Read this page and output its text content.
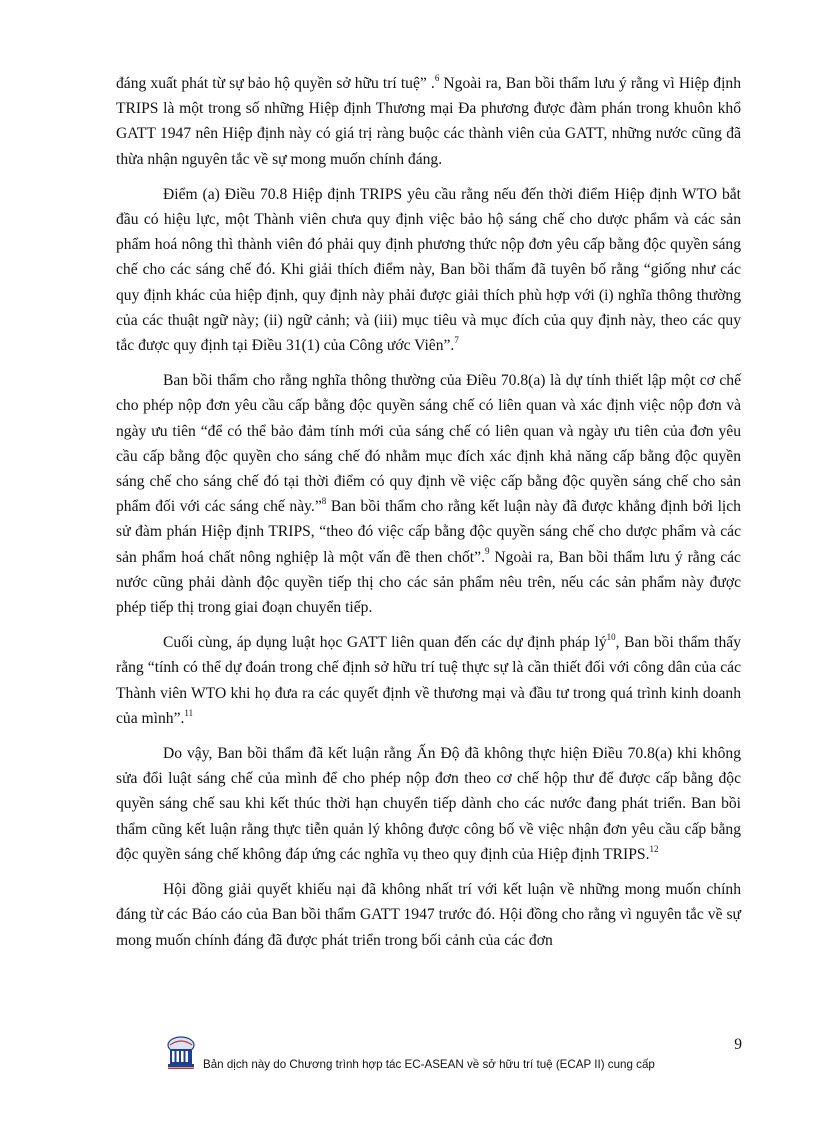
đáng xuất phát từ sự bảo hộ quyền sở hữu trí tuệ” .$^6$ Ngoài ra, Ban bồi thẩm lưu ý rằng vì Hiệp định TRIPS là một trong số những Hiệp định Thương mại Đa phương được đàm phán trong khuôn khổ GATT 1947 nên Hiệp định này có giá trị ràng buộc các thành viên của GATT, những nước cũng đã thừa nhận nguyên tắc về sự mong muốn chính đáng.

Điểm (a) Điều 70.8 Hiệp định TRIPS yêu cầu rằng nếu đến thời điểm Hiệp định WTO bắt đầu có hiệu lực, một Thành viên chưa quy định việc bảo hộ sáng chế cho dược phẩm và các sản phẩm hoá nông thì thành viên đó phải quy định phương thức nộp đơn yêu cấp bằng độc quyền sáng chế cho các sáng chế đó. Khi giải thích điểm này, Ban bồi thẩm đã tuyên bố rằng “giống như các quy định khác của hiệp định, quy định này phải được giải thích phù hợp với (i) nghĩa thông thường của các thuật ngữ này; (ii) ngữ cảnh; và (iii) mục tiêu và mục đích của quy định này, theo các quy tắc được quy định tại Điều 31(1) của Công ước Viên”.$^7$

Ban bồi thẩm cho rằng nghĩa thông thường của Điều 70.8(a) là dự tính thiết lập một cơ chế cho phép nộp đơn yêu cầu cấp bằng độc quyền sáng chế có liên quan và xác định việc nộp đơn và ngày ưu tiên “để có thể bảo đảm tính mới của sáng chế có liên quan và ngày ưu tiên của đơn yêu cầu cấp bằng độc quyền cho sáng chế đó nhằm mục đích xác định khả năng cấp bằng độc quyền sáng chế cho sáng chế đó tại thời điểm có quy định về việc cấp bằng độc quyền sáng chế cho sản phẩm đối với các sáng chế này.”$^8$ Ban bồi thẩm cho rằng kết luận này đã được khẳng định bởi lịch sử đàm phán Hiệp định TRIPS, “theo đó việc cấp bằng độc quyền sáng chế cho dược phẩm và các sản phẩm hoá chất nông nghiệp là một vấn đề then chốt”.$^9$ Ngoài ra, Ban bồi thẩm lưu ý rằng các nước cũng phải dành độc quyền tiếp thị cho các sản phẩm nêu trên, nếu các sản phẩm này được phép tiếp thị trong giai đoạn chuyển tiếp.

Cuối cùng, áp dụng luật học GATT liên quan đến các dự định pháp $lý^{10}$, Ban bồi thẩm thấy rằng “tính có thể dự đoán trong chế định sở hữu trí tuệ thực sự là cần thiết đối với công dân của các Thành viên WTO khi họ đưa ra các quyết định về thương mại và đầu tư trong quá trình kinh doanh của mình”.$^{11}$

Do vậy, Ban bồi thẩm đã kết luận rằng Ấn Độ đã không thực hiện Điều 70.8(a) khi không sửa đổi luật sáng chế của mình để cho phép nộp đơn theo cơ chế hộp thư để được cấp bằng độc quyền sáng chế sau khi kết thúc thời hạn chuyển tiếp dành cho các nước đang phát triển. Ban bồi thẩm cũng kết luận rằng thực tiễn quản lý không được công bố về việc nhận đơn yêu cầu cấp bằng độc quyền sáng chế không đáp ứng các nghĩa vụ theo quy định của Hiệp định TRIPS.$^{12}$

Hội đồng giải quyết khiếu nại đã không nhất trí với kết luận về những mong muốn chính đáng từ các Báo cáo của Ban bồi thẩm GATT 1947 trước đó. Hội đồng cho rằng vì nguyên tắc về sự mong muốn chính đáng đã được phát triển trong bối cảnh của các đơn

9
Bản dịch này do Chương trình hợp tác EC-ASEAN về sở hữu trí tuệ (ECAP II) cung cấp
